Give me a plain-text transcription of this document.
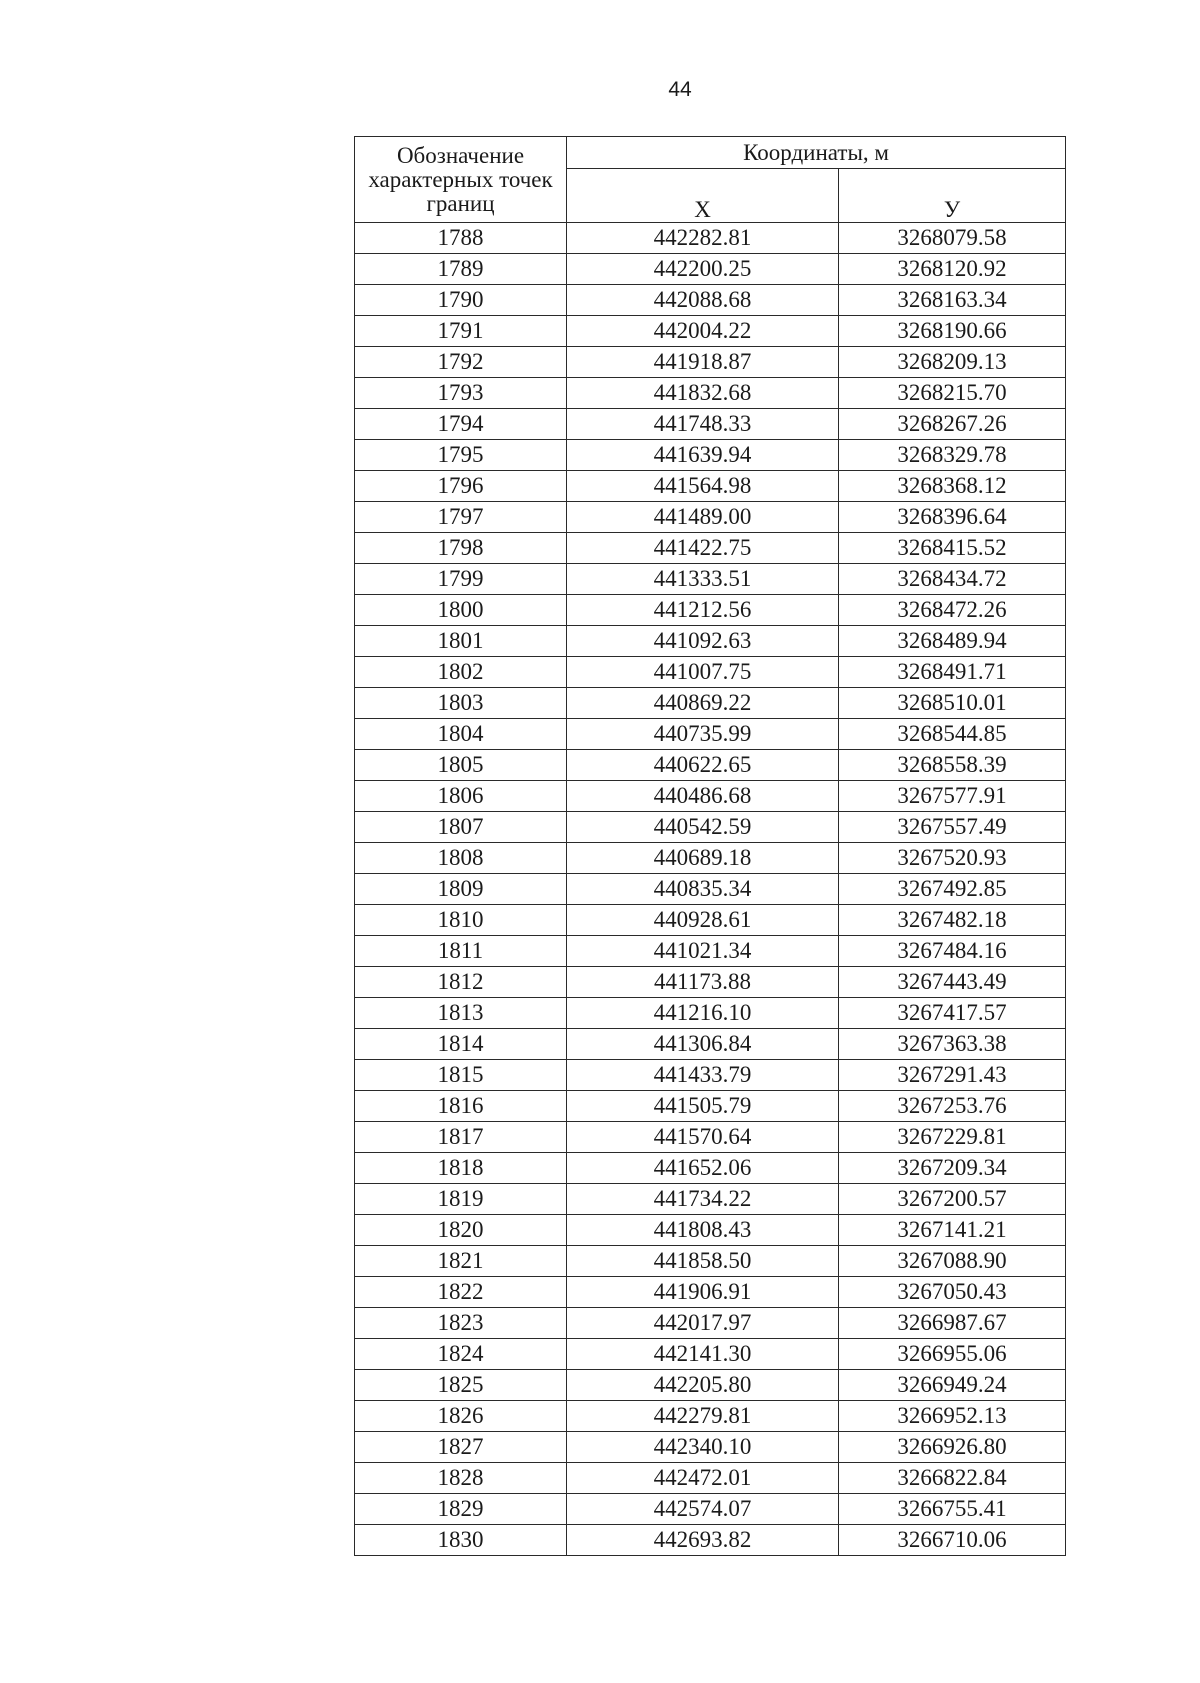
44
Обозначение характерных точек границ	Координаты, м	
	Х	У
1788	442282.81	3268079.58
1789	442200.25	3268120.92
1790	442088.68	3268163.34
1791	442004.22	3268190.66
1792	441918.87	3268209.13
1793	441832.68	3268215.70
1794	441748.33	3268267.26
1795	441639.94	3268329.78
1796	441564.98	3268368.12
1797	441489.00	3268396.64
1798	441422.75	3268415.52
1799	441333.51	3268434.72
1800	441212.56	3268472.26
1801	441092.63	3268489.94
1802	441007.75	3268491.71
1803	440869.22	3268510.01
1804	440735.99	3268544.85
1805	440622.65	3268558.39
1806	440486.68	3267577.91
1807	440542.59	3267557.49
1808	440689.18	3267520.93
1809	440835.34	3267492.85
1810	440928.61	3267482.18
1811	441021.34	3267484.16
1812	441173.88	3267443.49
1813	441216.10	3267417.57
1814	441306.84	3267363.38
1815	441433.79	3267291.43
1816	441505.79	3267253.76
1817	441570.64	3267229.81
1818	441652.06	3267209.34
1819	441734.22	3267200.57
1820	441808.43	3267141.21
1821	441858.50	3267088.90
1822	441906.91	3267050.43
1823	442017.97	3266987.67
1824	442141.30	3266955.06
1825	442205.80	3266949.24
1826	442279.81	3266952.13
1827	442340.10	3266926.80
1828	442472.01	3266822.84
1829	442574.07	3266755.41
1830	442693.82	3266710.06
